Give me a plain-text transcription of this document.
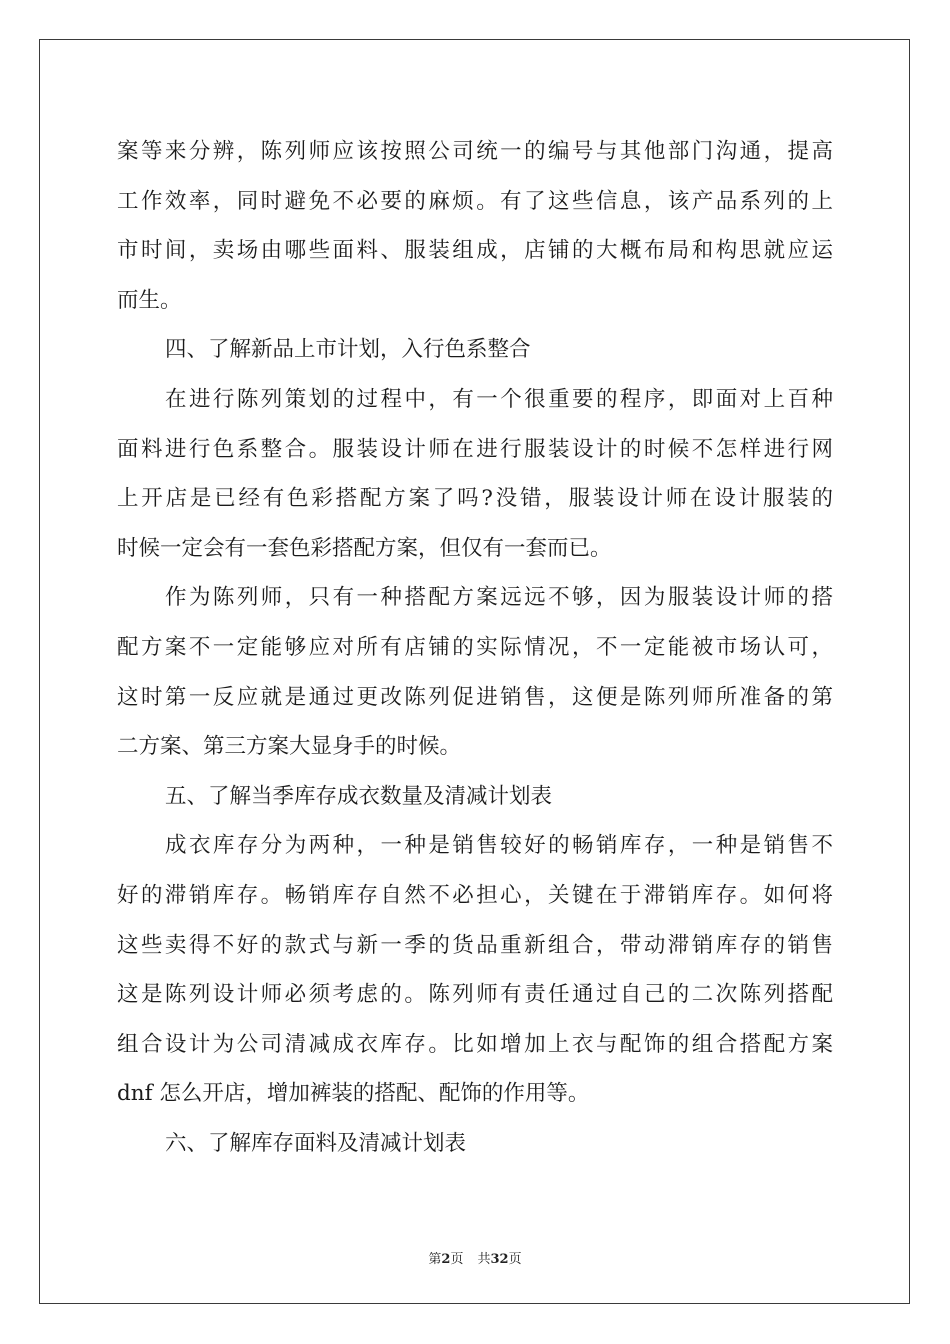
案等来分辨，陈列师应该按照公司统一的编号与其他部门沟通，提高
工作效率，同时避免不必要的麻烦。有了这些信息，该产品系列的上
市时间，卖场由哪些面料、服装组成，店铺的大概布局和构思就应运
而生。
四、了解新品上市计划，入行色系整合
在进行陈列策划的过程中，有一个很重要的程序，即面对上百种
面料进行色系整合。服装设计师在进行服装设计的时候不怎样进行网
上开店是已经有色彩搭配方案了吗?没错，服装设计师在设计服装的
时候一定会有一套色彩搭配方案，但仅有一套而已。
作为陈列师，只有一种搭配方案远远不够，因为服装设计师的搭
配方案不一定能够应对所有店铺的实际情况，不一定能被市场认可，
这时第一反应就是通过更改陈列促进销售，这便是陈列师所准备的第
二方案、第三方案大显身手的时候。
五、了解当季库存成衣数量及清减计划表
成衣库存分为两种，一种是销售较好的畅销库存，一种是销售不
好的滞销库存。畅销库存自然不必担心，关键在于滞销库存。如何将
这些卖得不好的款式与新一季的货品重新组合，带动滞销库存的销售
这是陈列设计师必须考虑的。陈列师有责任通过自己的二次陈列搭配
组合设计为公司清减成衣库存。比如增加上衣与配饰的组合搭配方案
dnf 怎么开店，增加裤装的搭配、配饰的作用等。
六、了解库存面料及清减计划表
第2页 共32页
